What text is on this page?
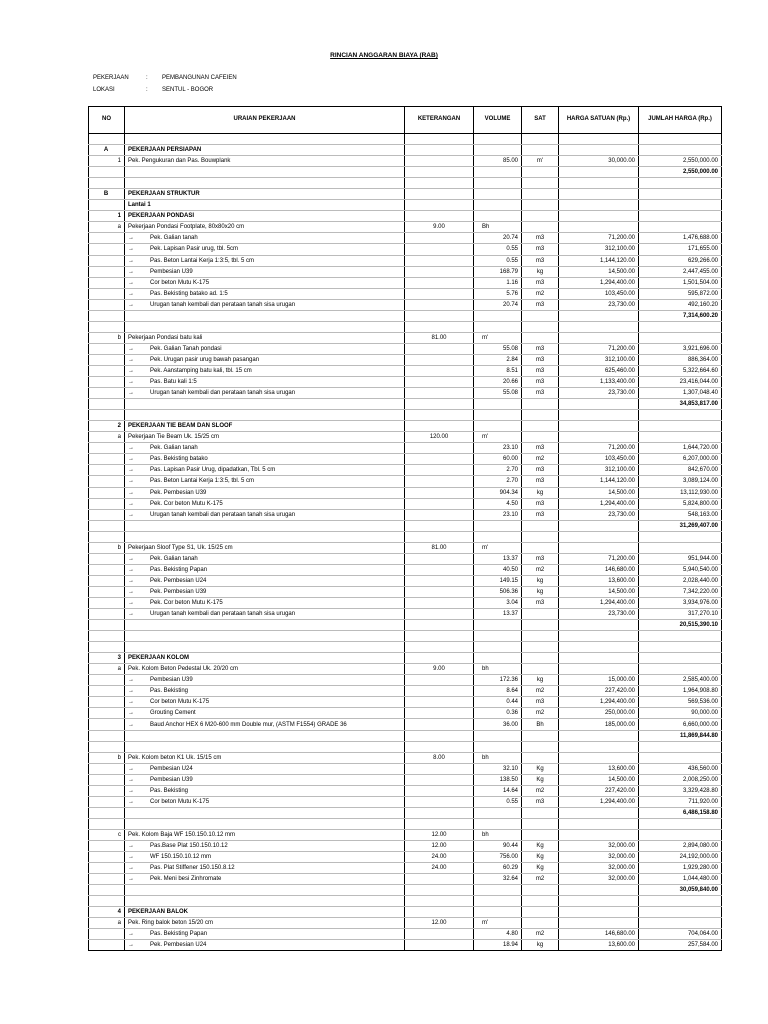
RINCIAN ANGGARAN BIAYA (RAB)
PEKERJAAN	: PEMBANGUNAN CAFEIEN
LOKASI	: SENTUL - BOGOR
NO	URAIAN PEKERJAAN	KETERANGAN	VOLUME	SAT	HARGA SATUAN (Rp.)	JUMLAH HARGA (Rp.)

A	PEKERJAAN PERSIAPAN					
1	Pek. Pengukuran dan Pas. Bouwplank		85.00	m'	30,000.00	2,550,000.00
						2,550,000.00

B	PEKERJAAN STRUKTUR					
	Lantai 1					
1	PEKERJAAN PONDASI					
a	Pekerjaan Pondasi Footplate, 80x80x20 cm	9.00	Bh			
	→ Pek. Galian tanah		20.74	m3	71,200.00	1,476,688.00
	→ Pek. Lapisan Pasir urug, tbl. 5cm		0.55	m3	312,100.00	171,655.00
	→ Pas. Beton Lantai Kerja 1:3:5, tbl. 5 cm		0.55	m3	1,144,120.00	629,266.00
	→ Pembesian U39		168.79	kg	14,500.00	2,447,455.00
	→ Cor beton Mutu K-175		1.16	m3	1,294,400.00	1,501,504.00
	→ Pas. Bekisting batako ad. 1:5		5.76	m2	103,450.00	595,872.00
	→ Urugan tanah kembali dan perataan tanah sisa urugan		20.74	m3	23,730.00	492,160.20
						7,314,600.20

b	Pekerjaan Pondasi batu kali	81.00	m'			
	→ Pek. Galian Tanah pondasi		55.08	m3	71,200.00	3,921,696.00
	→ Pek. Urugan pasir urug bawah pasangan		2.84	m3	312,100.00	886,364.00
	→ Pek. Aanstamping batu kali, tbl. 15 cm		8.51	m3	625,460.00	5,322,664.60
	→ Pas. Batu kali 1:5		20.66	m3	1,133,400.00	23,416,044.00
	→ Urugan tanah kembali dan perataan tanah sisa urugan		55.08	m3	23,730.00	1,307,048.40
						34,853,817.00

2	PEKERJAAN TIE BEAM DAN SLOOF					
a	Pekerjaan Tie Beam Uk. 15/25 cm	120.00	m'			
	→ Pek. Galian tanah		23.10	m3	71,200.00	1,644,720.00
	→ Pas. Bekisting batako		60.00	m2	103,450.00	6,207,000.00
	→ Pas. Lapisan Pasir Urug, dipadatkan, Tbl. 5 cm		2.70	m3	312,100.00	842,670.00
	→ Pas. Beton Lantai Kerja 1:3:5, tbl. 5 cm		2.70	m3	1,144,120.00	3,089,124.00
	→ Pek. Pembesian U39		904.34	kg	14,500.00	13,112,930.00
	→ Pek. Cor beton Mutu K-175		4.50	m3	1,294,400.00	5,824,800.00
	→ Urugan tanah kembali dan perataan tanah sisa urugan		23.10	m3	23,730.00	548,163.00
						31,269,407.00

b	Pekerjaan Sloof Type S1, Uk. 15/25 cm	81.00	m'			
	→ Pek. Galian tanah		13.37	m3	71,200.00	951,944.00
	→ Pas. Bekisting Papan		40.50	m2	146,680.00	5,940,540.00
	→ Pek. Pembesian U24		149.15	kg	13,600.00	2,028,440.00
	→ Pek. Pembesian U39		506.36	kg	14,500.00	7,342,220.00
	→ Pek. Cor beton Mutu K-175		3.04	m3	1,294,400.00	3,934,976.00
	→ Urugan tanah kembali dan perataan tanah sisa urugan		13.37		23,730.00	317,270.10
						20,515,390.10

3	PEKERJAAN KOLOM					
a	Pek. Kolom Beton Pedestal Uk. 20/20 cm	9.00	bh			
	→ Pembesian U39		172.36	kg	15,000.00	2,585,400.00
	→ Pas. Bekisting		8.64	m2	227,420.00	1,964,908.80
	→ Cor beton Mutu K-175		0.44	m3	1,294,400.00	569,536.00
	→ Grouting Cement		0.36	m2	250,000.00	90,000.00
	→ Baud Anchor HEX 6 M20-600 mm Double mur, (ASTM F1554) GRADE 36		36.00	Bh	185,000.00	6,660,000.00
						11,869,844.80

b	Pek. Kolom beton K1 Uk. 15/15 cm	8.00	bh			
	→ Pembesian U24		32.10	Kg	13,600.00	436,560.00
	→ Pembesian U39		138.50	Kg	14,500.00	2,008,250.00
	→ Pas. Bekisting		14.64	m2	227,420.00	3,329,428.80
	→ Cor beton Mutu K-175		0.55	m3	1,294,400.00	711,920.00
						6,486,158.80

c	Pek. Kolom Baja WF 150.150.10.12 mm	12.00	bh			
	→ Pas.Base Plat 150.150.10.12	12.00	90.44	Kg	32,000.00	2,894,080.00
	→ WF 150.150.10.12 mm	24.00	756.00	Kg	32,000.00	24,192,000.00
	→ Pas. Plat Stiffener 150.150.8.12	24.00	60.29	Kg	32,000.00	1,929,280.00
	→ Pek. Meni besi Zinhromate		32.64	m2	32,000.00	1,044,480.00
						30,059,840.00

4	PEKERJAAN BALOK					
a	Pek. Ring balok beton 15/20 cm	12.00	m'			
	→ Pas. Bekisting Papan		4.80	m2	146,680.00	704,064.00
	→ Pek. Pembesian U24		18.94	kg	13,600.00	257,584.00
